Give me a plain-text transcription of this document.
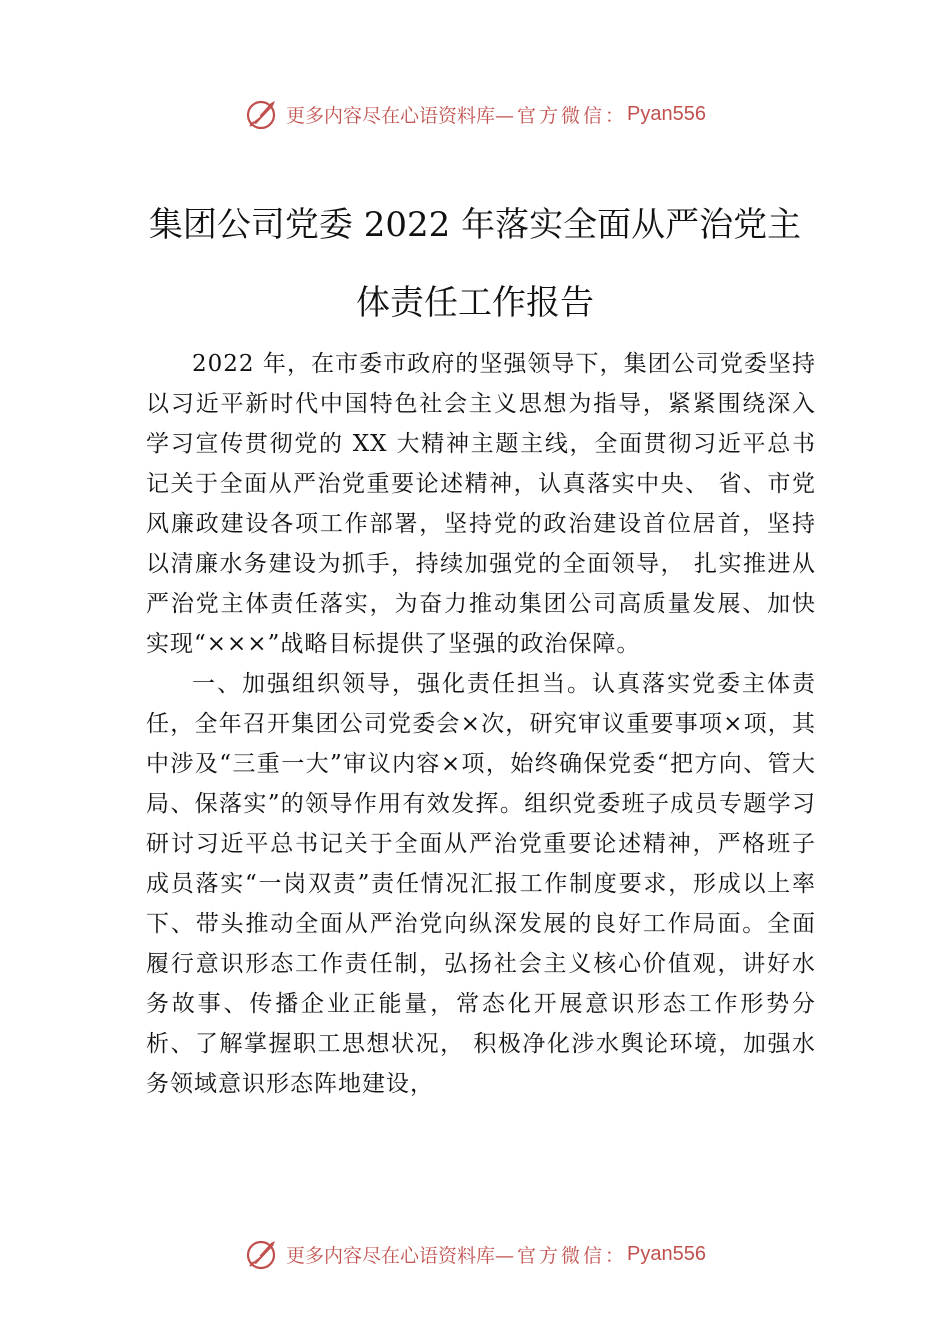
更多内容尽在心语资料库 —官方微信： Pyan556
集团公司党委 2022 年落实全面从严治党主
体责任工作报告

2022 年，在市委市政府的坚强领导下，集团公司党委坚持以习近平新时代中国特色社会主义思想为指导，紧紧围绕深入学习宣传贯彻党的 XX 大精神主题主线，全面贯彻习近平总书记关于全面从严治党重要论述精神，认真落实中央、 省、市党风廉政建设各项工作部署，坚持党的政治建设首位居首，坚持以清廉水务建设为抓手，持续加强党的全面领导， 扎实推进从严治党主体责任落实，为奋力推动集团公司高质量发展、加快实现“×××”战略目标提供了坚强的政治保障。

一、加强组织领导，强化责任担当。认真落实党委主体责任，全年召开集团公司党委会×次，研究审议重要事项×项，其中涉及“三重一大”审议内容×项，始终确保党委“把方向、管大局、保落实”的领导作用有效发挥。组织党委班子成员专题学习研讨习近平总书记关于全面从严治党重要论述精神，严格班子成员落实“一岗双责”责任情况汇报工作制度要求，形成以上率下、带头推动全面从严治党向纵深发展的良好工作局面。全面履行意识形态工作责任制，弘扬社会主义核心价值观，讲好水务故事、传播企业正能量，常态化开展意识形态工作形势分析、了解掌握职工思想状况， 积极净化涉水舆论环境，加强水务领域意识形态阵地建设，

更多内容尽在心语资料库 —官方微信： Pyan556
